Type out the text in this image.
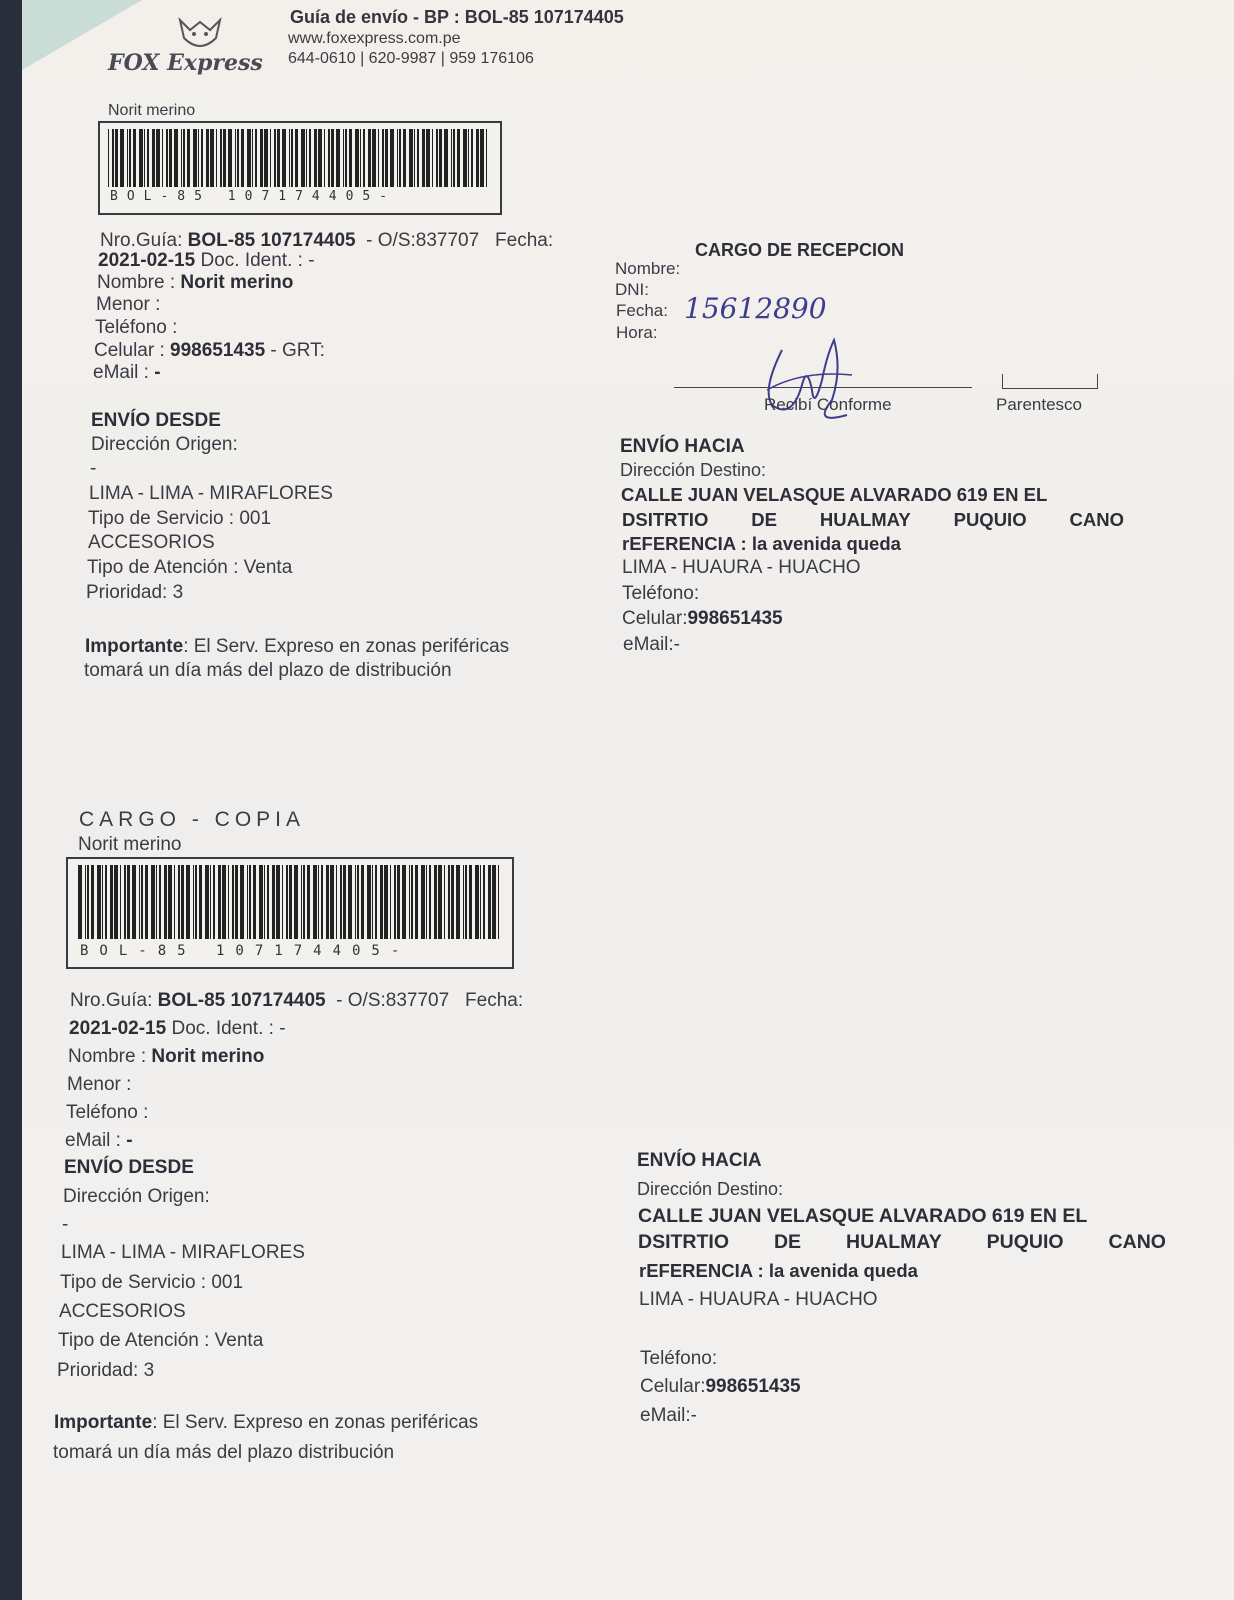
FOX Express
Guía de envío - BP : BOL-85 107174405
www.foxexpress.com.pe
644-0610 | 620-9987 | 959 176106
Norit merino
BOL-85 107174405-
Nro.Guía: BOL-85 107174405 - O/S:837707 Fecha:
2021-02-15 Doc. Ident. : -
Nombre : Norit merino
Menor :
Teléfono :
Celular : 998651435 - GRT:
eMail : -
ENVÍO DESDE
Dirección Origen:
-
LIMA - LIMA - MIRAFLORES
Tipo de Servicio : 001
ACCESORIOS
Tipo de Atención : Venta
Prioridad: 3
Importante: El Serv. Expreso en zonas periféricas
tomará un día más del plazo de distribución
CARGO DE RECEPCION
Nombre:
DNI:
Fecha:
Hora:
15612890
Recibí Conforme	Parentesco
ENVÍO HACIA
Dirección Destino:
CALLE JUAN VELASQUE ALVARADO 619 EN EL
DSITRTIO DE HUALMAY PUQUIO CANO
rEFERENCIA : la avenida queda
LIMA - HUAURA - HUACHO
Teléfono:
Celular:998651435
eMail:-
CARGO - COPIA
Norit merino
BOL-85 107174405-
Nro.Guía: BOL-85 107174405 - O/S:837707 Fecha:
2021-02-15 Doc. Ident. : -
Nombre : Norit merino
Menor :
Teléfono :
eMail : -
ENVÍO DESDE
Dirección Origen:
-
LIMA - LIMA - MIRAFLORES
Tipo de Servicio : 001
ACCESORIOS
Tipo de Atención : Venta
Prioridad: 3
Importante: El Serv. Expreso en zonas periféricas
tomará un día más del plazo distribución
ENVÍO HACIA
Dirección Destino:
CALLE JUAN VELASQUE ALVARADO 619 EN EL
DSITRTIO DE HUALMAY PUQUIO CANO
rEFERENCIA : la avenida queda
LIMA - HUAURA - HUACHO
Teléfono:
Celular:998651435
eMail:-
